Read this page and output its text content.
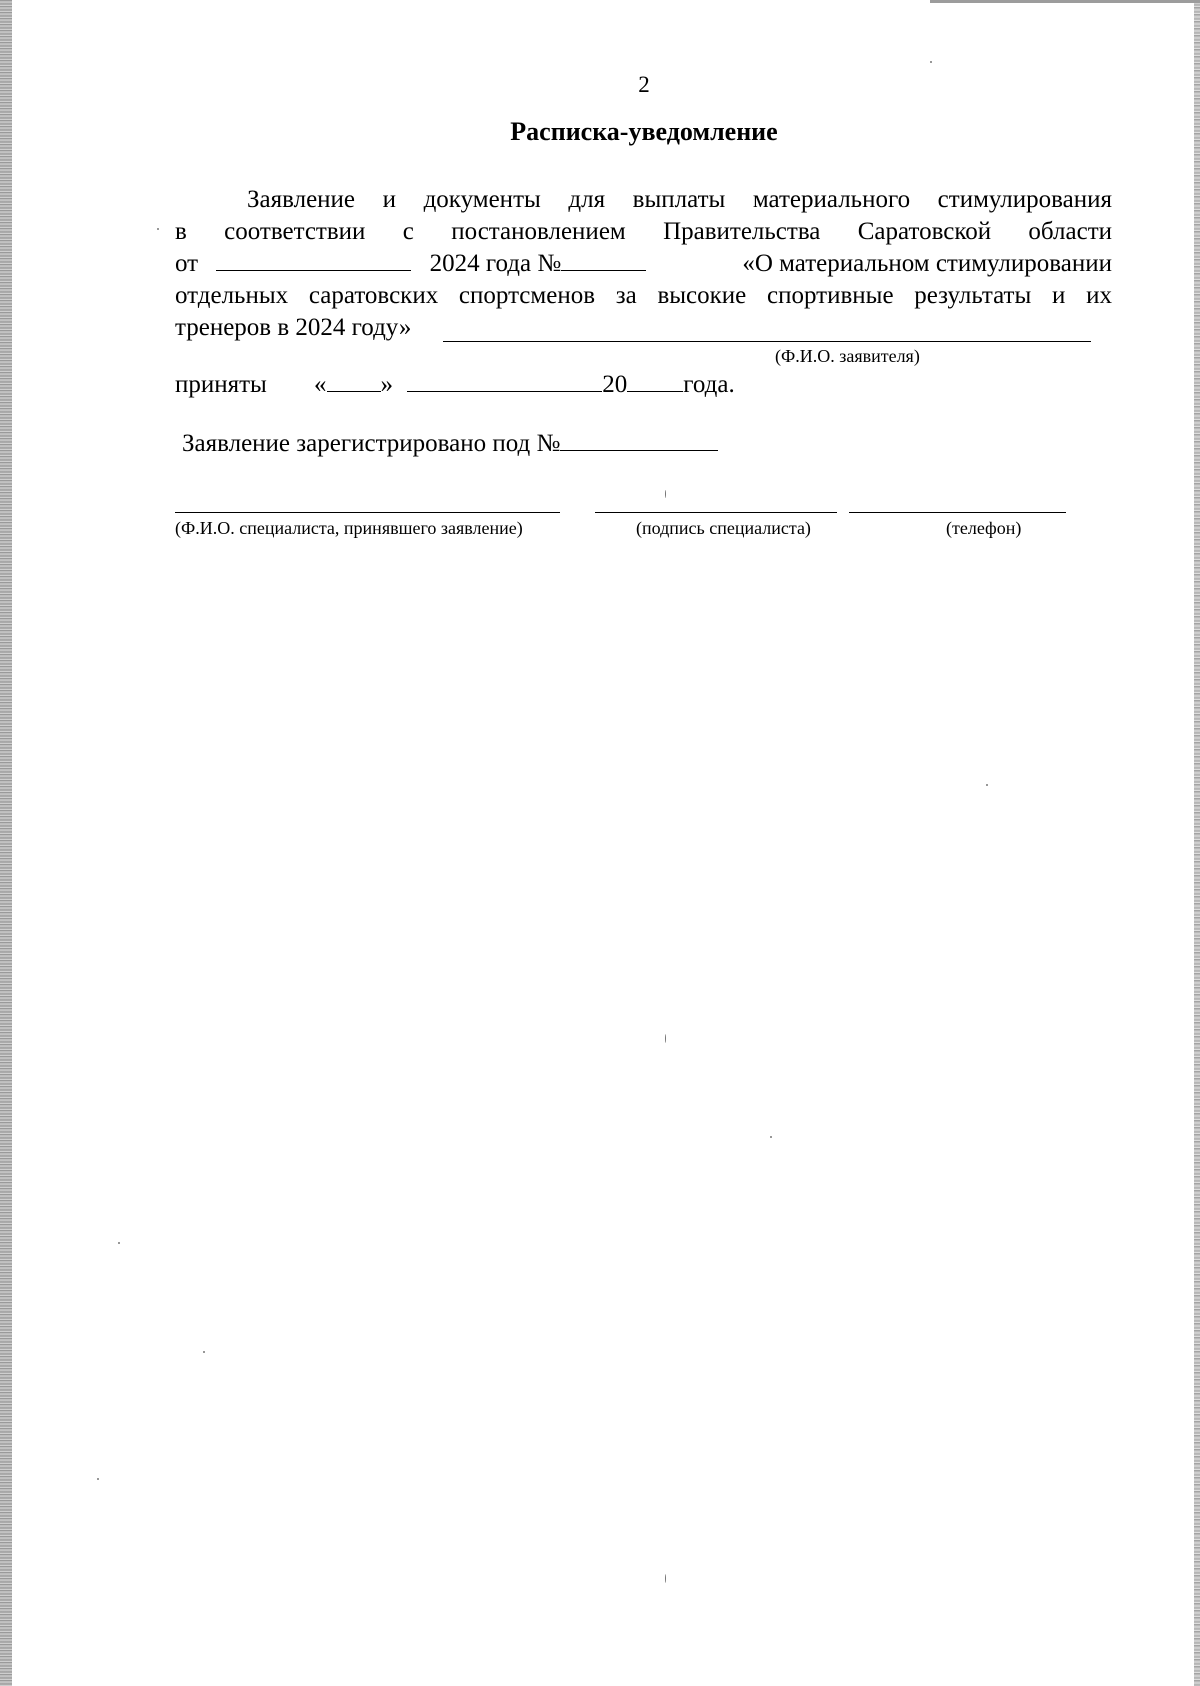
2
Расписка-уведомление
Заявление и документы для выплаты материального стимулирования
в соответствии с постановлением Правительства Саратовской области
от	2024 года №	«О материальном стимулировании
отдельных саратовских спортсменов за высокие спортивные результаты и их
тренеров в 2024 году»
(Ф.И.О. заявителя)
приняты « »	20 года.
Заявление зарегистрировано под №
(Ф.И.О. специалиста, принявшего заявление)	(подпись специалиста)	(телефон)
